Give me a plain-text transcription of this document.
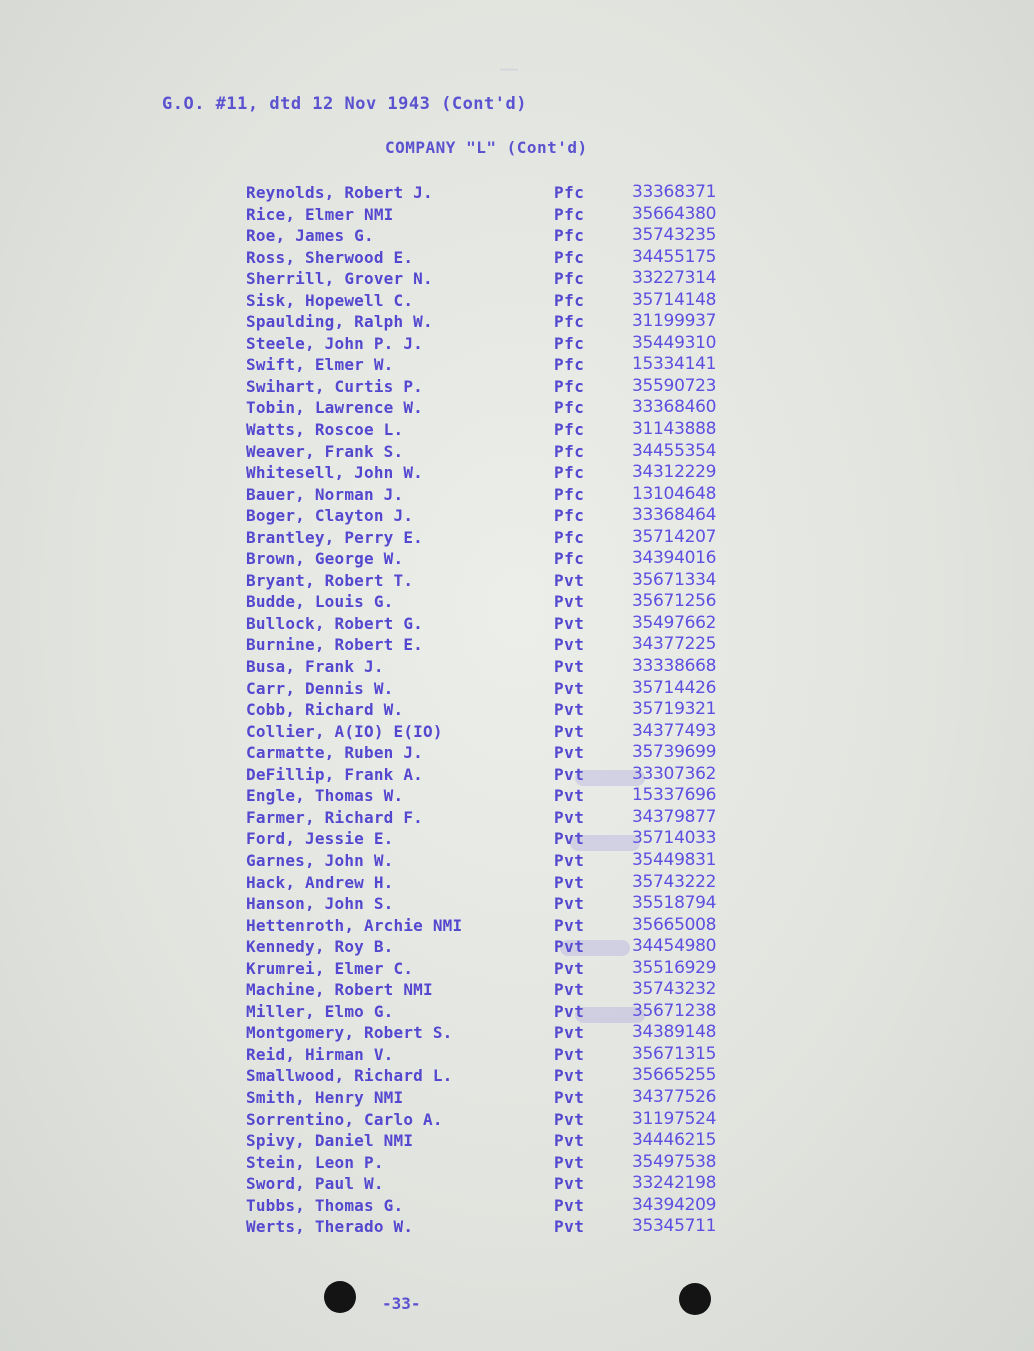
——
G.O. #11, dtd 12 Nov 1943 (Cont'd)
COMPANY "L" (Cont'd)
Reynolds, Robert J.	Pfc	33368371
Rice, Elmer NMI	Pfc	35664380
Roe, James G.	Pfc	35743235
Ross, Sherwood E.	Pfc	34455175
Sherrill, Grover N.	Pfc	33227314
Sisk, Hopewell C.	Pfc	35714148
Spaulding, Ralph W.	Pfc	31199937
Steele, John P. J.	Pfc	35449310
Swift, Elmer W.	Pfc	15334141
Swihart, Curtis P.	Pfc	35590723
Tobin, Lawrence W.	Pfc	33368460
Watts, Roscoe L.	Pfc	31143888
Weaver, Frank S.	Pfc	34455354
Whitesell, John W.	Pfc	34312229
Bauer, Norman J.	Pfc	13104648
Boger, Clayton J.	Pfc	33368464
Brantley, Perry E.	Pfc	35714207
Brown, George W.	Pfc	34394016
Bryant, Robert T.	Pvt	35671334
Budde, Louis G.	Pvt	35671256
Bullock, Robert G.	Pvt	35497662
Burnine, Robert E.	Pvt	34377225
Busa, Frank J.	Pvt	33338668
Carr, Dennis W.	Pvt	35714426
Cobb, Richard W.	Pvt	35719321
Collier, A(IO) E(IO)	Pvt	34377493
Carmatte, Ruben J.	Pvt	35739699
DeFillip, Frank A.	Pvt	33307362
Engle, Thomas W.	Pvt	15337696
Farmer, Richard F.	Pvt	34379877
Ford, Jessie E.	Pvt	35714033
Garnes, John W.	Pvt	35449831
Hack, Andrew H.	Pvt	35743222
Hanson, John S.	Pvt	35518794
Hettenroth, Archie NMI	Pvt	35665008
Kennedy, Roy B.	Pvt	34454980
Krumrei, Elmer C.	Pvt	35516929
Machine, Robert NMI	Pvt	35743232
Miller, Elmo G.	Pvt	35671238
Montgomery, Robert S.	Pvt	34389148
Reid, Hirman V.	Pvt	35671315
Smallwood, Richard L.	Pvt	35665255
Smith, Henry NMI	Pvt	34377526
Sorrentino, Carlo A.	Pvt	31197524
Spivy, Daniel NMI	Pvt	34446215
Stein, Leon P.	Pvt	35497538
Sword, Paul W.	Pvt	33242198
Tubbs, Thomas G.	Pvt	34394209
Werts, Therado W.	Pvt	35345711
-33-
